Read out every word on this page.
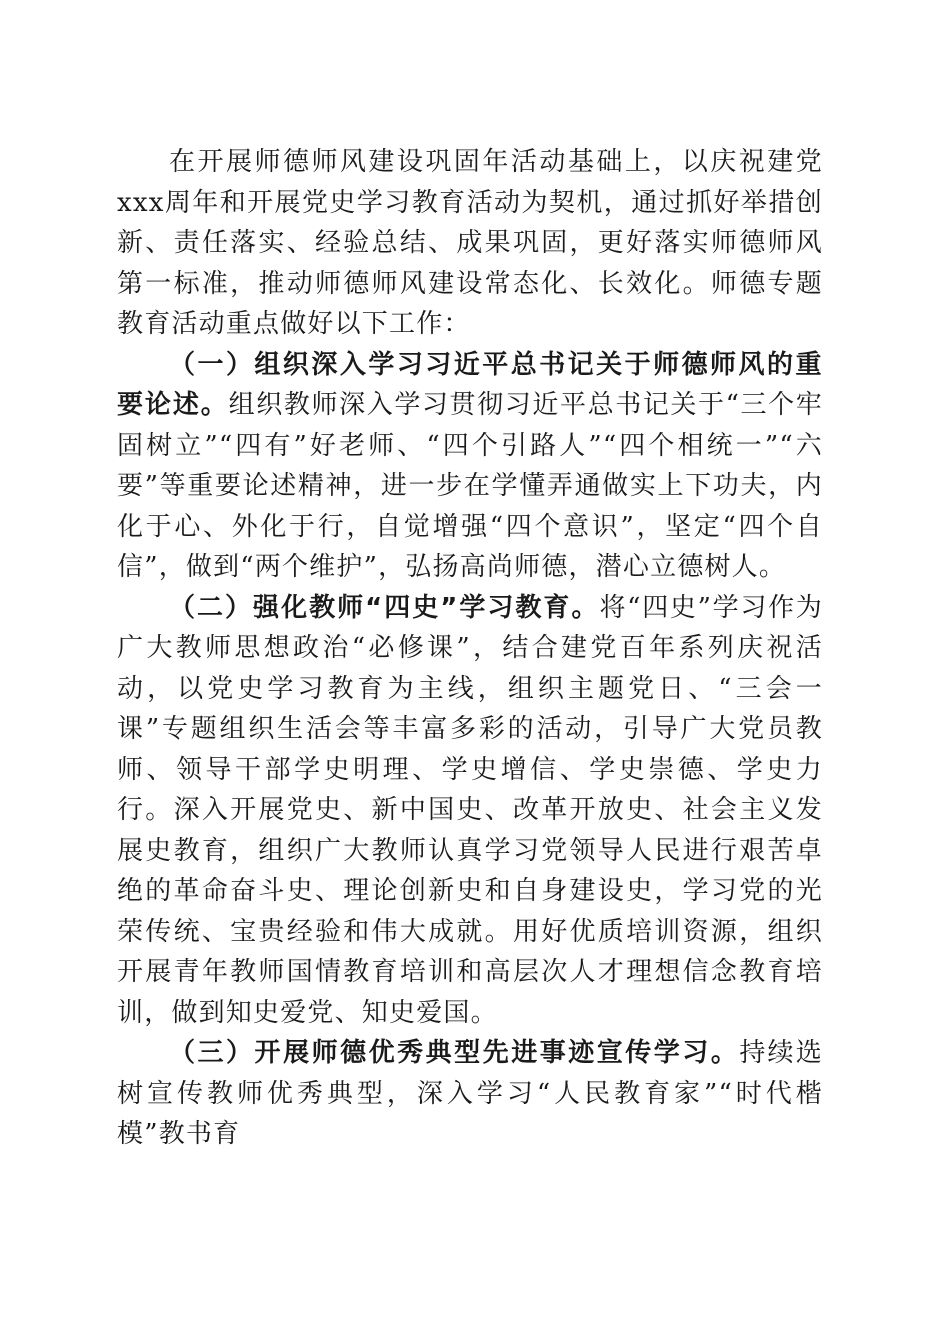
在开展师德师风建设巩固年活动基础上，以庆祝建党xxx周年和开展党史学习教育活动为契机，通过抓好举措创新、责任落实、经验总结、成果巩固，更好落实师德师风第一标准，推动师德师风建设常态化、长效化。师德专题教育活动重点做好以下工作：

（一）组织深入学习习近平总书记关于师德师风的重要论述。组织教师深入学习贯彻习近平总书记关于“三个牢固树立”“四有”好老师、“四个引路人”“四个相统一”“六要”等重要论述精神，进一步在学懂弄通做实上下功夫，内化于心、外化于行，自觉增强“四个意识”，坚定“四个自信”，做到“两个维护”，弘扬高尚师德，潜心立德树人。

（二）强化教师“四史”学习教育。将“四史”学习作为广大教师思想政治“必修课”，结合建党百年系列庆祝活动，以党史学习教育为主线，组织主题党日、“三会一课”专题组织生活会等丰富多彩的活动，引导广大党员教师、领导干部学史明理、学史增信、学史崇德、学史力行。深入开展党史、新中国史、改革开放史、社会主义发展史教育，组织广大教师认真学习党领导人民进行艰苦卓绝的革命奋斗史、理论创新史和自身建设史，学习党的光荣传统、宝贵经验和伟大成就。用好优质培训资源，组织开展青年教师国情教育培训和高层次人才理想信念教育培训，做到知史爱党、知史爱国。

（三）开展师德优秀典型先进事迹宣传学习。持续选树宣传教师优秀典型，深入学习“人民教育家”“时代楷模”教书育
